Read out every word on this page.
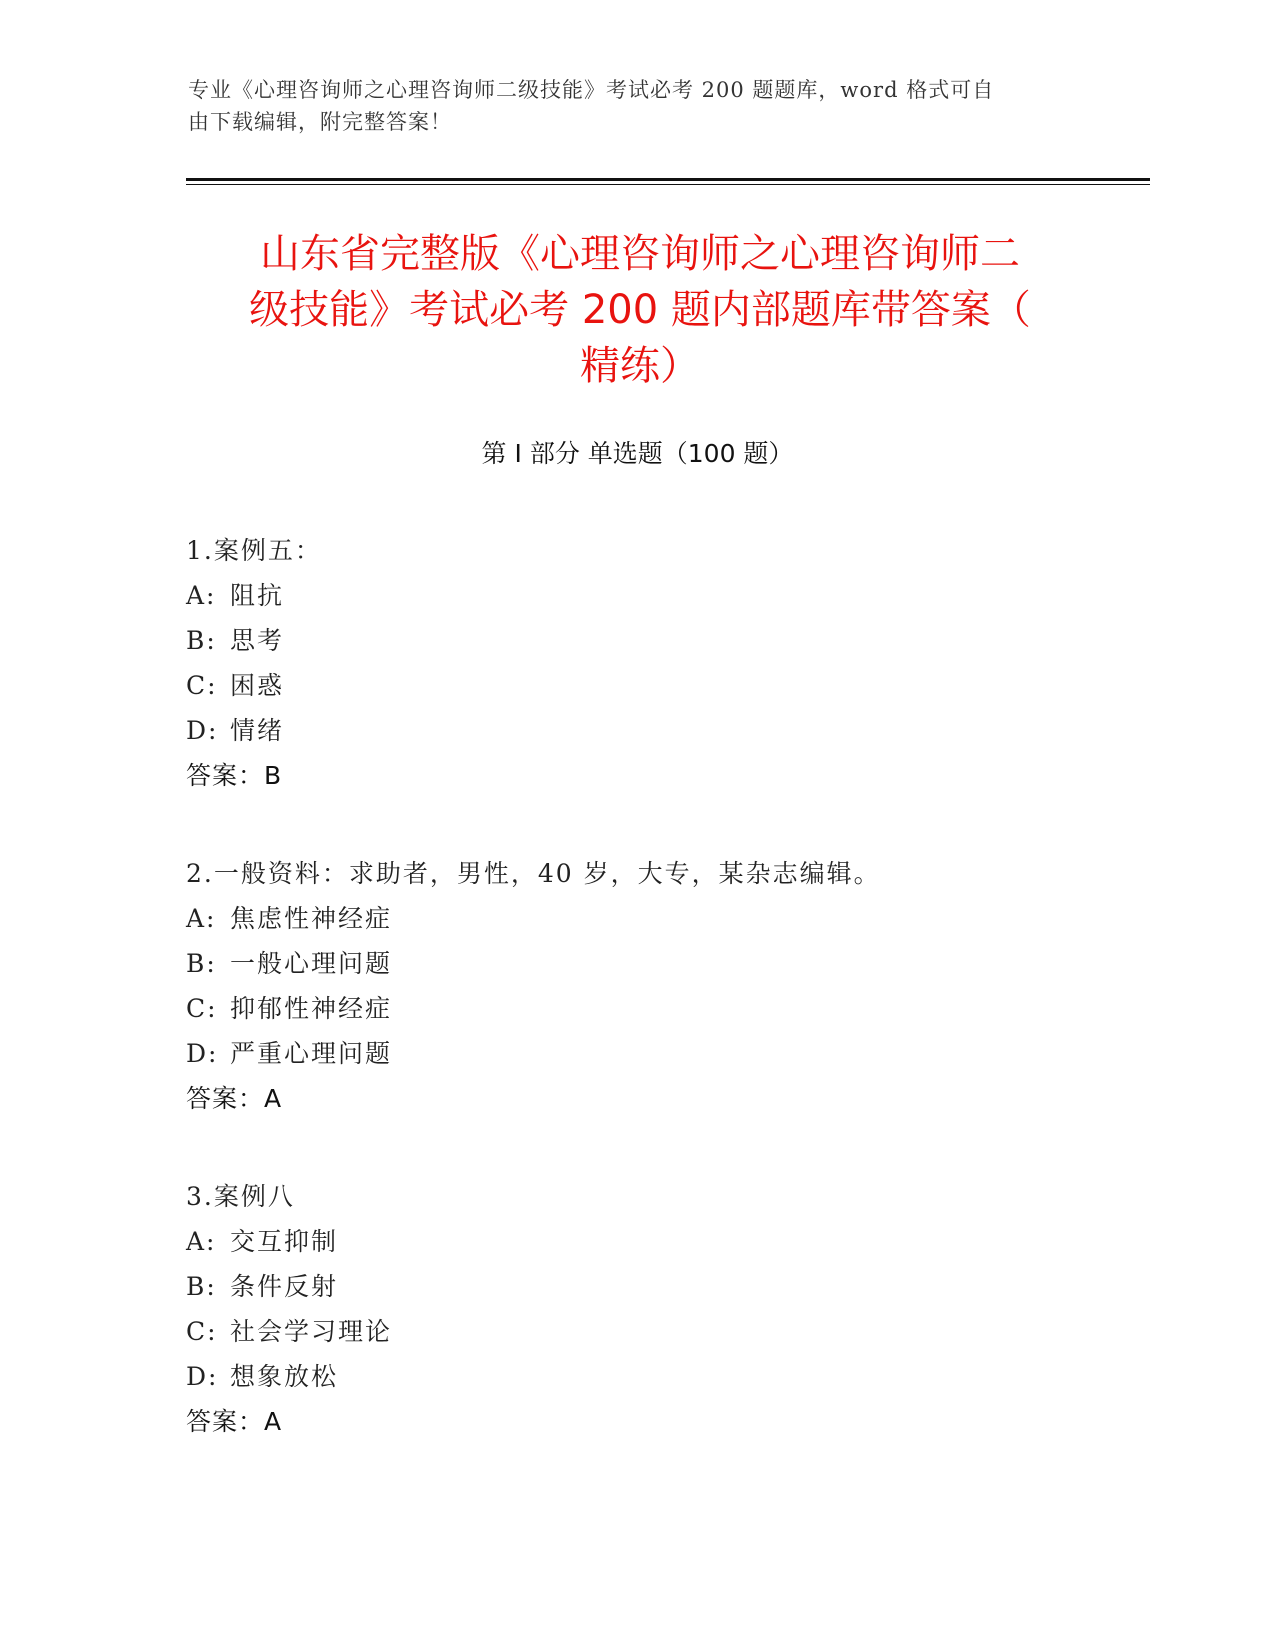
专业《心理咨询师之心理咨询师二级技能》考试必考 200 题题库，word 格式可自
由下载编辑，附完整答案！
山东省完整版《心理咨询师之心理咨询师二
级技能》考试必考 200 题内部题库带答案（
精练）
第 I 部分 单选题（100 题）
1.案例五：
A: 阻抗
B: 思考
C: 困惑
D: 情绪
答案：B
2.一般资料：求助者，男性，40 岁，大专，某杂志编辑。
A: 焦虑性神经症
B: 一般心理问题
C: 抑郁性神经症
D: 严重心理问题
答案：A
3.案例八
A: 交互抑制
B: 条件反射
C: 社会学习理论
D: 想象放松
答案：A
